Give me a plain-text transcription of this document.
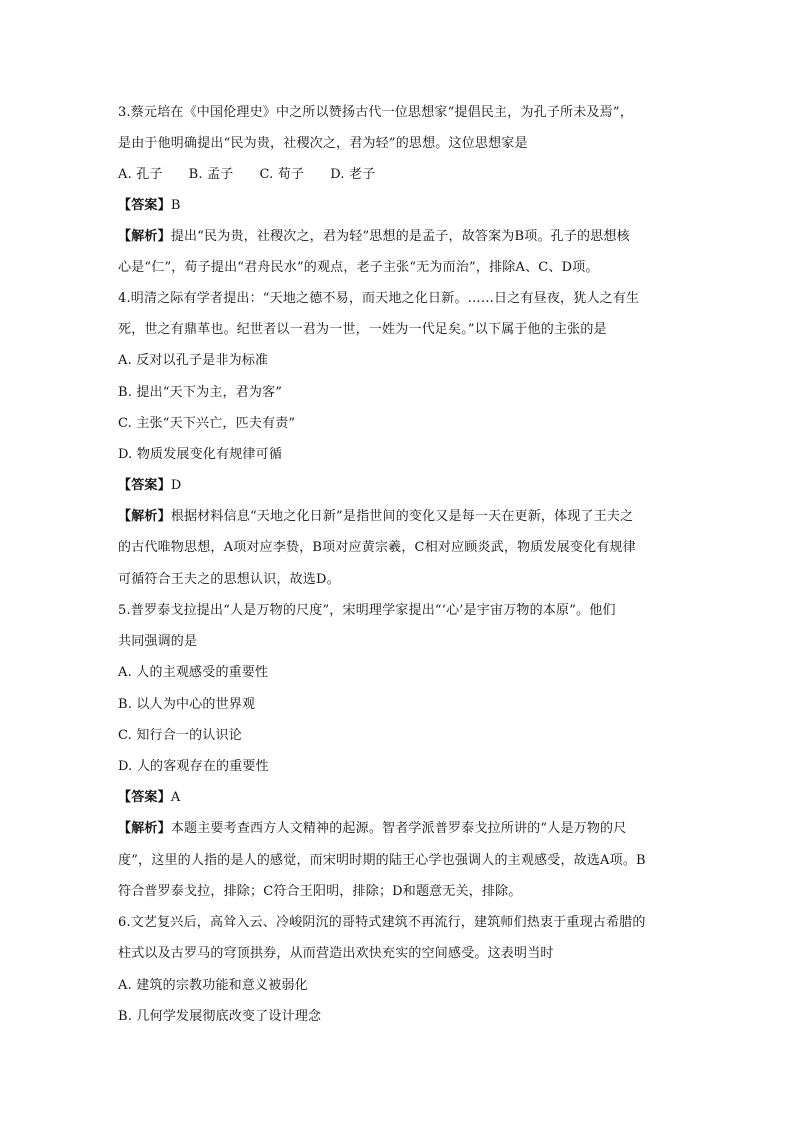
3.蔡元培在《中国伦理史》中之所以赞扬古代一位思想家“提倡民主，为孔子所未及焉”，
是由于他明确提出“民为贵，社稷次之，君为轻”的思想。这位思想家是
A. 孔子 B. 孟子 C. 荀子 D. 老子
【答案】B
【解析】提出“民为贵，社稷次之，君为轻”思想的是孟子，故答案为B项。孔子的思想核
心是“仁”，荀子提出“君舟民水”的观点，老子主张“无为而治”，排除A、C、D项。
4.明清之际有学者提出：“天地之德不易，而天地之化日新。……日之有昼夜，犹人之有生
死，世之有鼎革也。纪世者以一君为一世，一姓为一代足矣。”以下属于他的主张的是
A. 反对以孔子是非为标准
B. 提出“天下为主，君为客”
C. 主张“天下兴亡，匹夫有责”
D. 物质发展变化有规律可循
【答案】D
【解析】根据材料信息“天地之化日新”是指世间的变化又是每一天在更新，体现了王夫之
的古代唯物思想，A项对应李贽，B项对应黄宗羲，C相对应顾炎武，物质发展变化有规律
可循符合王夫之的思想认识，故选D。
5.普罗泰戈拉提出“人是万物的尺度”，宋明理学家提出“‘心’是宇宙万物的本原”。他们
共同强调的是
A. 人的主观感受的重要性
B. 以人为中心的世界观
C. 知行合一的认识论
D. 人的客观存在的重要性
【答案】A
【解析】本题主要考查西方人文精神的起源。智者学派普罗泰戈拉所讲的“人是万物的尺
度”，这里的人指的是人的感觉，而宋明时期的陆王心学也强调人的主观感受，故选A项。B
符合普罗泰戈拉，排除；C符合王阳明，排除；D和题意无关，排除。
6.文艺复兴后，高耸入云、冷峻阴沉的哥特式建筑不再流行，建筑师们热衷于重现古希腊的
柱式以及古罗马的穹顶拱券，从而营造出欢快充实的空间感受。这表明当时
A. 建筑的宗教功能和意义被弱化
B. 几何学发展彻底改变了设计理念
